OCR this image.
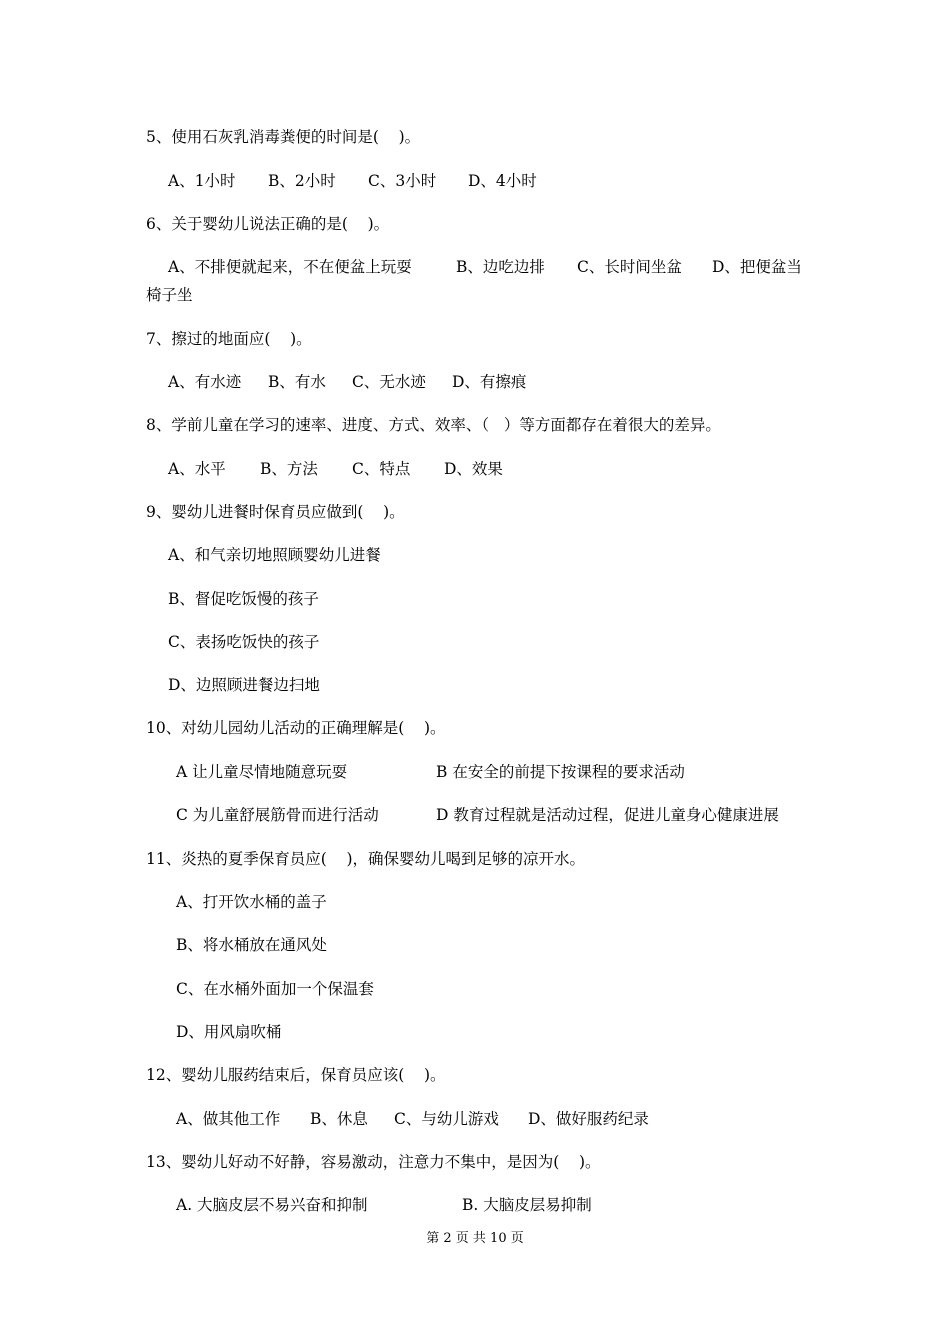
5、使用石灰乳消毒粪便的时间是(    )。
A、1小时 B、2小时 C、3小时 D、4小时
6、关于婴幼儿说法正确的是(    )。
A、不排便就起来，不在便盆上玩耍	B、边吃边排 C、长时间坐盆 D、把便盆当
椅子坐
7、擦过的地面应(    )。
A、有水迹 B、有水 C、无水迹 D、有擦痕
8、学前儿童在学习的速率、进度、方式、效率、（   ）等方面都存在着很大的差异。
A、水平 B、方法 C、特点 D、效果
9、婴幼儿进餐时保育员应做到(    )。
A、和气亲切地照顾婴幼儿进餐
B、督促吃饭慢的孩子
C、表扬吃饭快的孩子
D、边照顾进餐边扫地
10、对幼儿园幼儿活动的正确理解是(    )。
A 让儿童尽情地随意玩耍	B 在安全的前提下按课程的要求活动
C 为儿童舒展筋骨而进行活动	D 教育过程就是活动过程，促进儿童身心健康进展
11、炎热的夏季保育员应(    )，确保婴幼儿喝到足够的凉开水。
A、打开饮水桶的盖子
B、将水桶放在通风处
C、在水桶外面加一个保温套
D、用风扇吹桶
12、婴幼儿服药结束后，保育员应该(    )。
A、做其他工作 B、休息 C、与幼儿游戏 D、做好服药纪录
13、婴幼儿好动不好静，容易激动，注意力不集中，是因为(    )。
A. 大脑皮层不易兴奋和抑制	B. 大脑皮层易抑制
第 2 页 共 10 页
